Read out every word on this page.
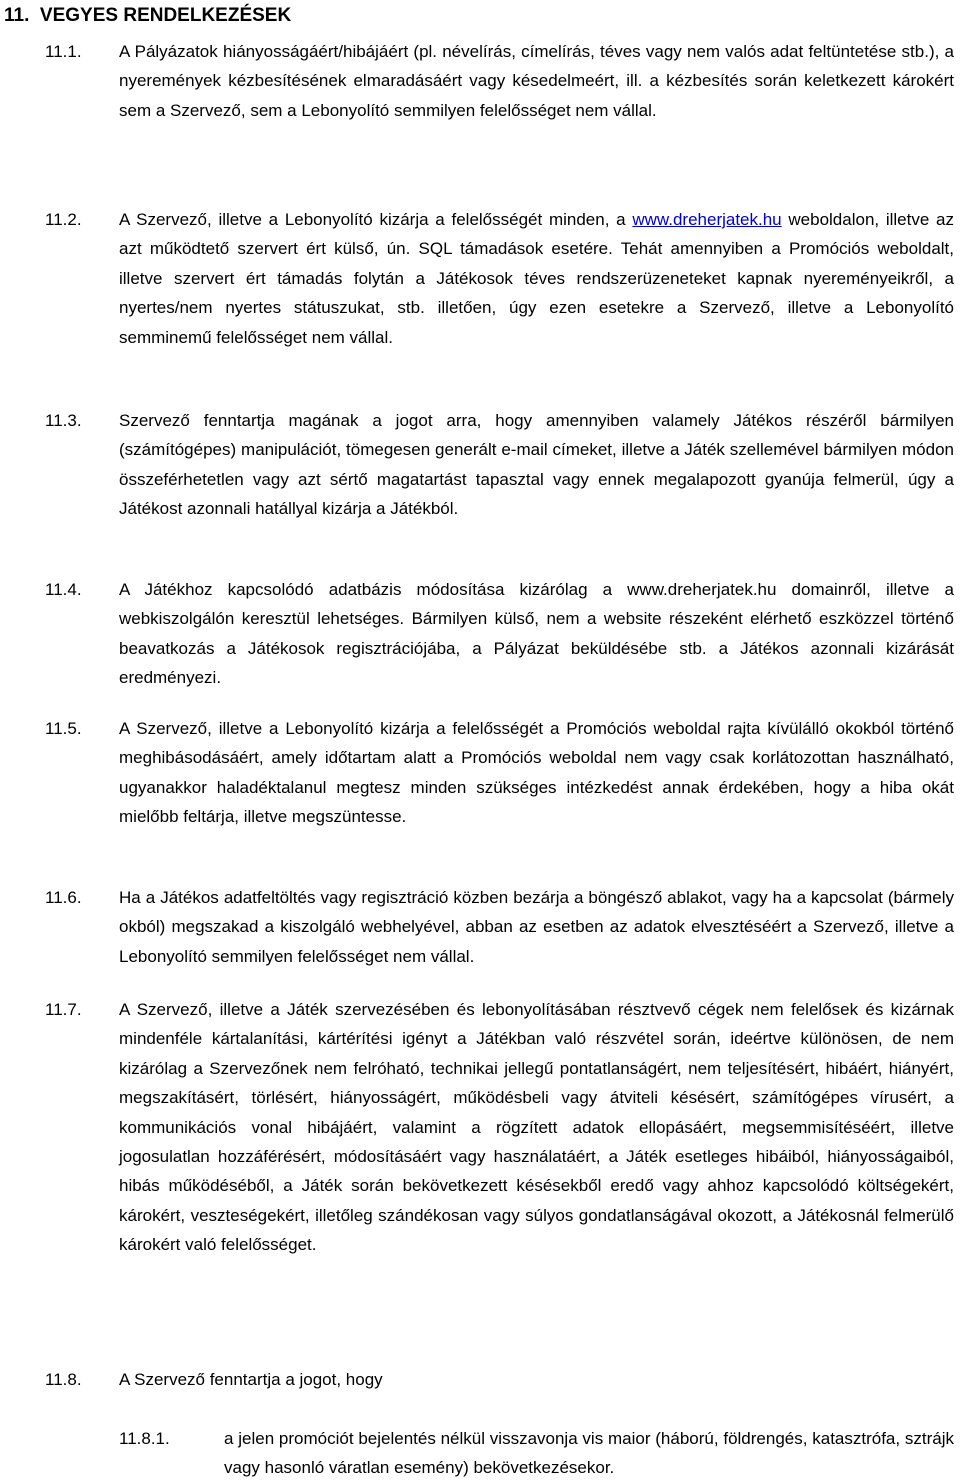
11.  VEGYES RENDELKEZÉSEK
11.1. A Pályázatok hiányosságáért/hibájáért (pl. névelírás, címelírás, téves vagy nem valós adat feltüntetése stb.), a nyeremények kézbesítésének elmaradásáért vagy késedelmeért, ill. a kézbesítés során keletkezett károkért sem a Szervező, sem a Lebonyolító semmilyen felelősséget nem vállal.

11.2. A Szervező, illetve a Lebonyolító kizárja a felelősségét minden, a www.dreherjatek.hu weboldalon, illetve az azt működtető szervert ért külső, ún. SQL támadások esetére. Tehát amennyiben a Promóciós weboldalt, illetve szervert ért támadás folytán a Játékosok téves rendszerüzeneteket kapnak nyereményeikről, a nyertes/nem nyertes státuszukat, stb. illetően, úgy ezen esetekre a Szervező, illetve a Lebonyolító semminemű felelősséget nem vállal.

11.3. Szervező fenntartja magának a jogot arra, hogy amennyiben valamely Játékos részéről bármilyen (számítógépes) manipulációt, tömegesen generált e-mail címeket, illetve a Játék szellemével bármilyen módon összeférhetetlen vagy azt sértő magatartást tapasztal vagy ennek megalapozott gyanúja felmerül, úgy a Játékost azonnali hatállyal kizárja a Játékból.

11.4. A Játékhoz kapcsolódó adatbázis módosítása kizárólag a www.dreherjatek.hu domainről, illetve a webkiszolgálón keresztül lehetséges. Bármilyen külső, nem a website részeként elérhető eszközzel történő beavatkozás a Játékosok regisztrációjába, a Pályázat beküldésébe stb. a Játékos azonnali kizárását eredményezi.

11.5. A Szervező, illetve a Lebonyolító kizárja a felelősségét a Promóciós weboldal rajta kívülálló okokból történő meghibásodásáért, amely időtartam alatt a Promóciós weboldal nem vagy csak korlátozottan használható, ugyanakkor haladéktalanul megtesz minden szükséges intézkedést annak érdekében, hogy a hiba okát mielőbb feltárja, illetve megszüntesse.

11.6. Ha a Játékos adatfeltöltés vagy regisztráció közben bezárja a böngésző ablakot, vagy ha a kapcsolat (bármely okból) megszakad a kiszolgáló webhelyével, abban az esetben az adatok elvesztéséért a Szervező, illetve a Lebonyolító semmilyen felelősséget nem vállal.

11.7. A Szervező, illetve a Játék szervezésében és lebonyolításában résztvevő cégek nem felelősek és kizárnak mindenféle kártalanítási, kártérítési igényt a Játékban való részvétel során, ideértve különösen, de nem kizárólag a Szervezőnek nem felróható, technikai jellegű pontatlanságért, nem teljesítésért, hibáért, hiányért, megszakításért, törlésért, hiányosságért, működésbeli vagy átviteli késésért, számítógépes vírusért, a kommunikációs vonal hibájáért, valamint a rögzített adatok ellopásáért, megsemmisítéséért, illetve jogosulatlan hozzáférésért, módosításáért vagy használatáért, a Játék esetleges hibáiból, hiányosságaiból, hibás működéséből, a Játék során bekövetkezett késésekből eredő vagy ahhoz kapcsolódó költségekért, károkért, veszteségekért, illetőleg szándékosan vagy súlyos gondatlanságával okozott, a Játékosnál felmerülő károkért való felelősséget.

11.8. A Szervező fenntartja a jogot, hogy

11.8.1.	a jelen promóciót bejelentés nélkül visszavonja vis maior (háború, földrengés, katasztrófa, sztrájk vagy hasonló váratlan esemény) bekövetkezésekor.
